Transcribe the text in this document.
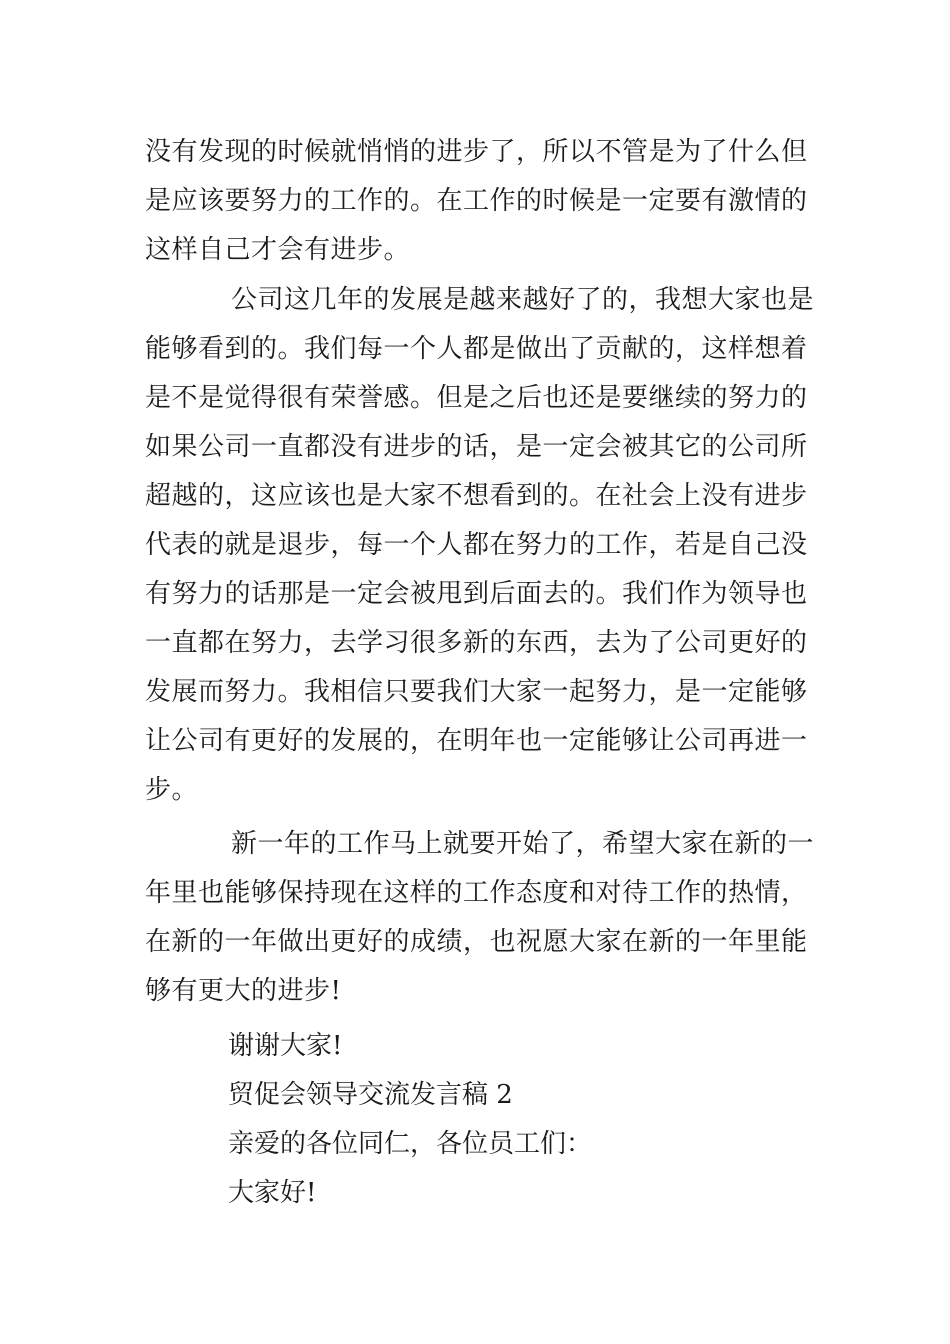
没有发现的时候就悄悄的进步了，所以不管是为了什么但
是应该要努力的工作的。在工作的时候是一定要有激情的
这样自己才会有进步。
公司这几年的发展是越来越好了的，我想大家也是
能够看到的。我们每一个人都是做出了贡献的，这样想着
是不是觉得很有荣誉感。但是之后也还是要继续的努力的
如果公司一直都没有进步的话，是一定会被其它的公司所
超越的，这应该也是大家不想看到的。在社会上没有进步
代表的就是退步，每一个人都在努力的工作，若是自己没
有努力的话那是一定会被甩到后面去的。我们作为领导也
一直都在努力，去学习很多新的东西，去为了公司更好的
发展而努力。我相信只要我们大家一起努力，是一定能够
让公司有更好的发展的，在明年也一定能够让公司再进一
步。
新一年的工作马上就要开始了，希望大家在新的一
年里也能够保持现在这样的工作态度和对待工作的热情，
在新的一年做出更好的成绩，也祝愿大家在新的一年里能
够有更大的进步!
谢谢大家!
贸促会领导交流发言稿 2
亲爱的各位同仁，各位员工们：
大家好!
